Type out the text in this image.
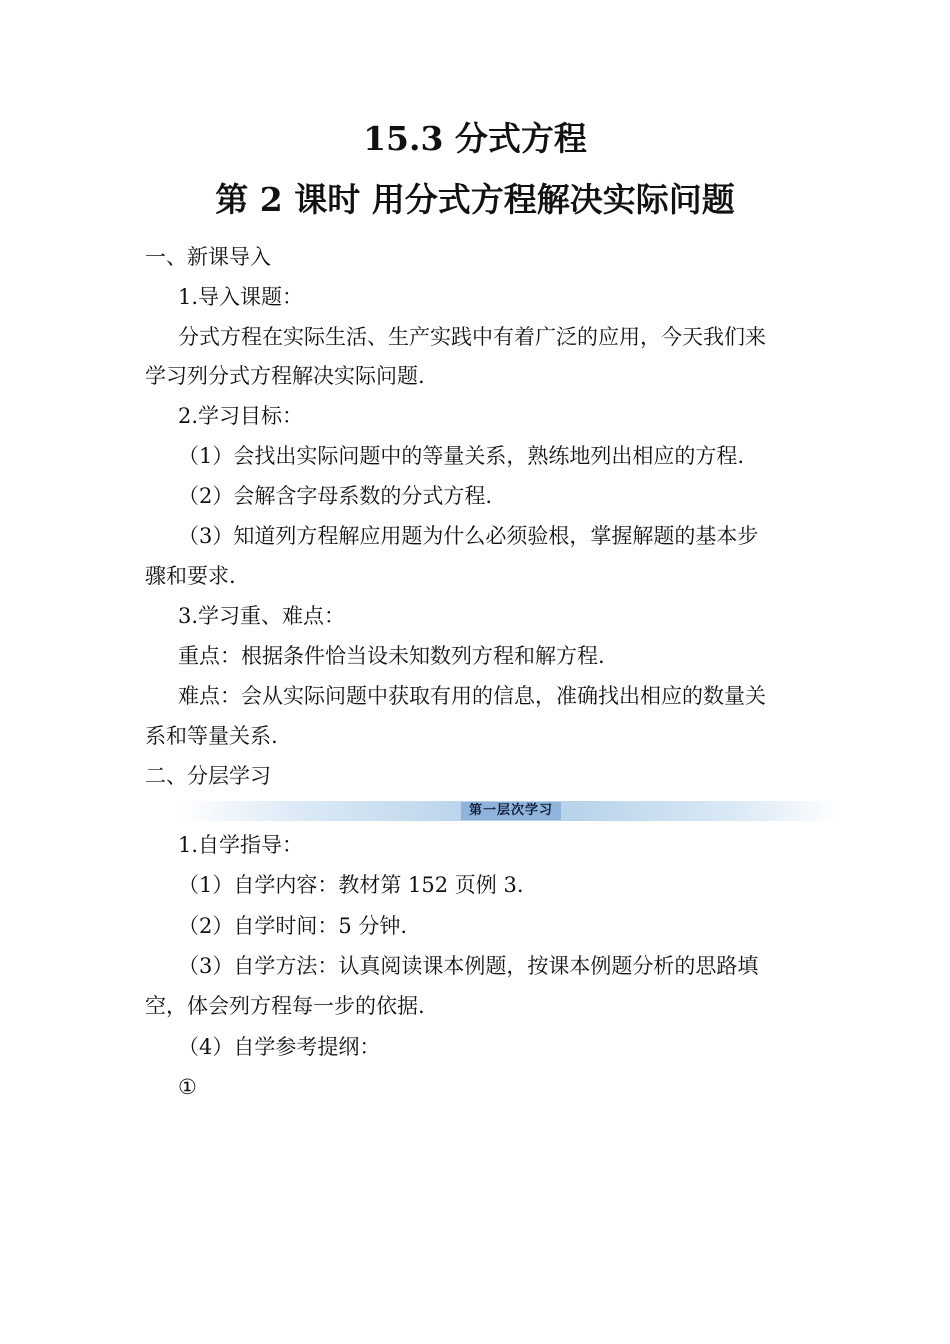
15.3 分式方程
第 2 课时 用分式方程解决实际问题
一、新课导入
1.导入课题：
分式方程在实际生活、生产实践中有着广泛的应用，今天我们来
学习列分式方程解决实际问题.
2.学习目标：
（1）会找出实际问题中的等量关系，熟练地列出相应的方程.
（2）会解含字母系数的分式方程.
（3）知道列方程解应用题为什么必须验根，掌握解题的基本步
骤和要求.
3.学习重、难点：
重点：根据条件恰当设未知数列方程和解方程.
难点：会从实际问题中获取有用的信息，准确找出相应的数量关
系和等量关系.
二、分层学习
第一层次学习
1.自学指导：
（1）自学内容：教材第 152 页例 3.
（2）自学时间：5 分钟.
（3）自学方法：认真阅读课本例题，按课本例题分析的思路填
空，体会列方程每一步的依据.
（4）自学参考提纲：
①
